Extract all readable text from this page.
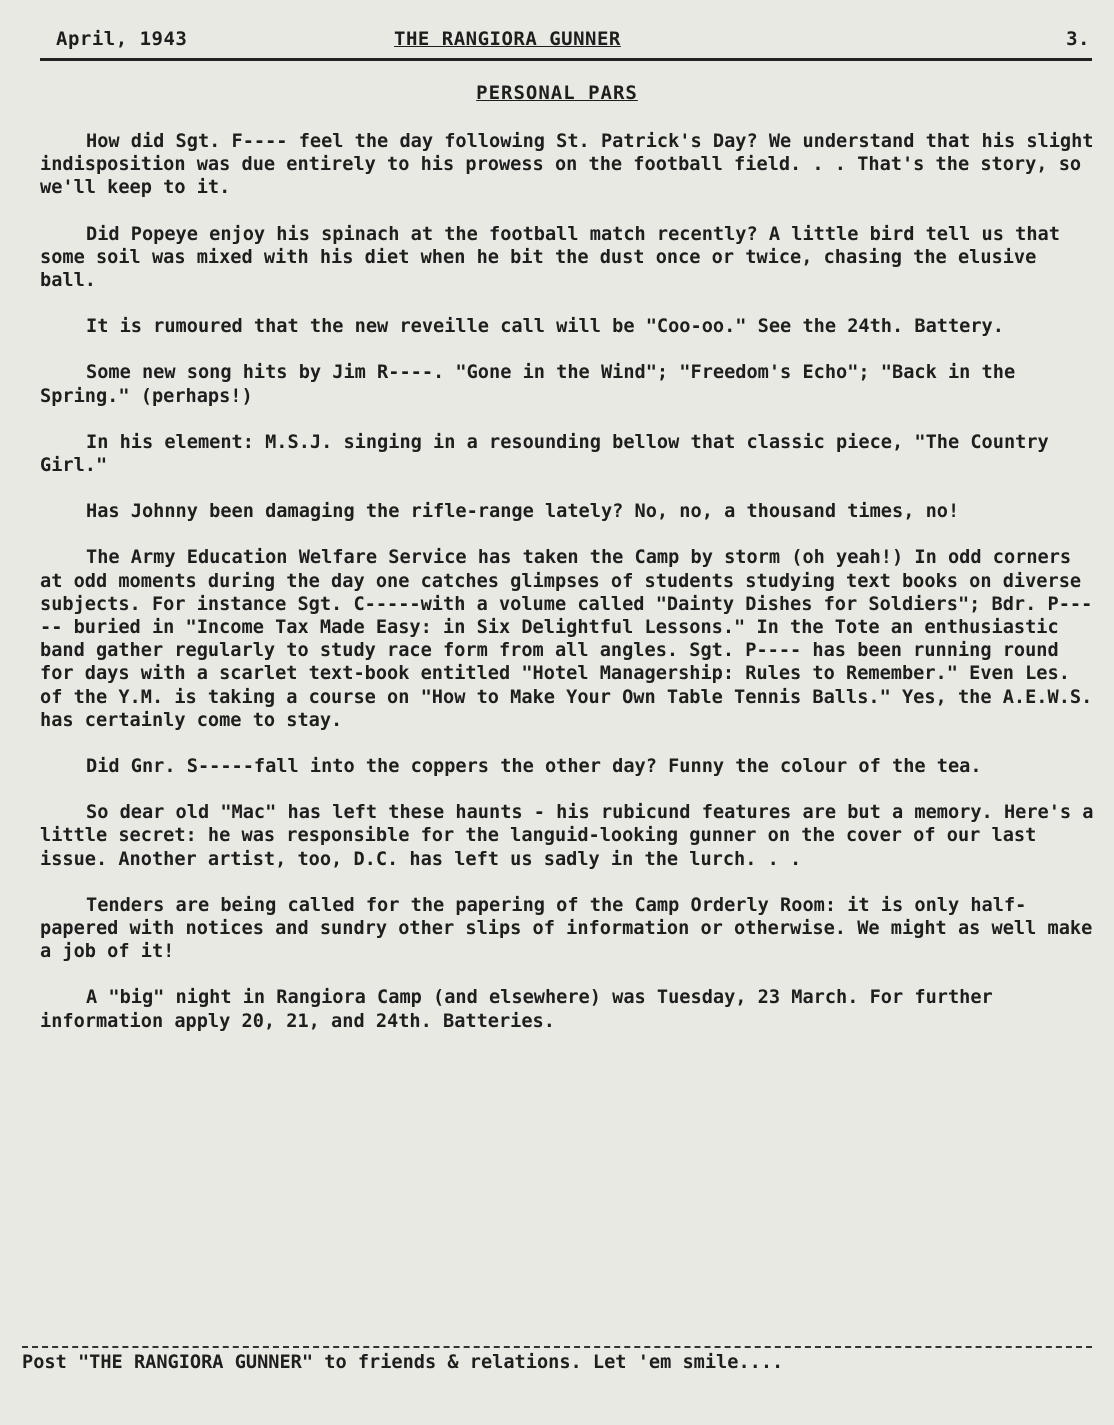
April, 1943	THE RANGIORA GUNNER	3.
PERSONAL PARS

How did Sgt. F---- feel the day following St. Patrick's Day? We understand that his slight indisposition was due entirely to his prowess on the football field. . . That's the story, so we'll keep to it.

Did Popeye enjoy his spinach at the football match recently? A little bird tell us that some soil was mixed with his diet when he bit the dust once or twice, chasing the elusive ball.

It is rumoured that the new reveille call will be "Coo-oo." See the 24th. Battery.

Some new song hits by Jim R----. "Gone in the Wind"; "Freedom's Echo"; "Back in the Spring." (perhaps!)

In his element: M.S.J. singing in a resounding bellow that classic piece, "The Country Girl."

Has Johnny been damaging the rifle-range lately? No, no, a thousand times, no!

The Army Education Welfare Service has taken the Camp by storm (oh yeah!) In odd corners at odd moments during the day one catches glimpses of students studying text books on diverse subjects. For instance Sgt. C-----with a volume called "Dainty Dishes for Soldiers"; Bdr. P----- buried in "Income Tax Made Easy: in Six Delightful Lessons." In the Tote an enthusiastic band gather regularly to study race form from all angles. Sgt. P---- has been running round for days with a scarlet text-book entitled "Hotel Managership: Rules to Remember." Even Les. of the Y.M. is taking a course on "How to Make Your Own Table Tennis Balls." Yes, the A.E.W.S. has certainly come to stay.

Did Gnr. S-----fall into the coppers the other day? Funny the colour of the tea.

So dear old "Mac" has left these haunts - his rubicund features are but a memory. Here's a little secret: he was responsible for the languid-looking gunner on the cover of our last issue. Another artist, too, D.C. has left us sadly in the lurch. . .

Tenders are being called for the papering of the Camp Orderly Room: it is only half-papered with notices and sundry other slips of information or otherwise. We might as well make a job of it!

A "big" night in Rangiora Camp (and elsewhere) was Tuesday, 23 March. For further information apply 20, 21, and 24th. Batteries.

Post "THE RANGIORA GUNNER" to friends & relations. Let 'em smile....
